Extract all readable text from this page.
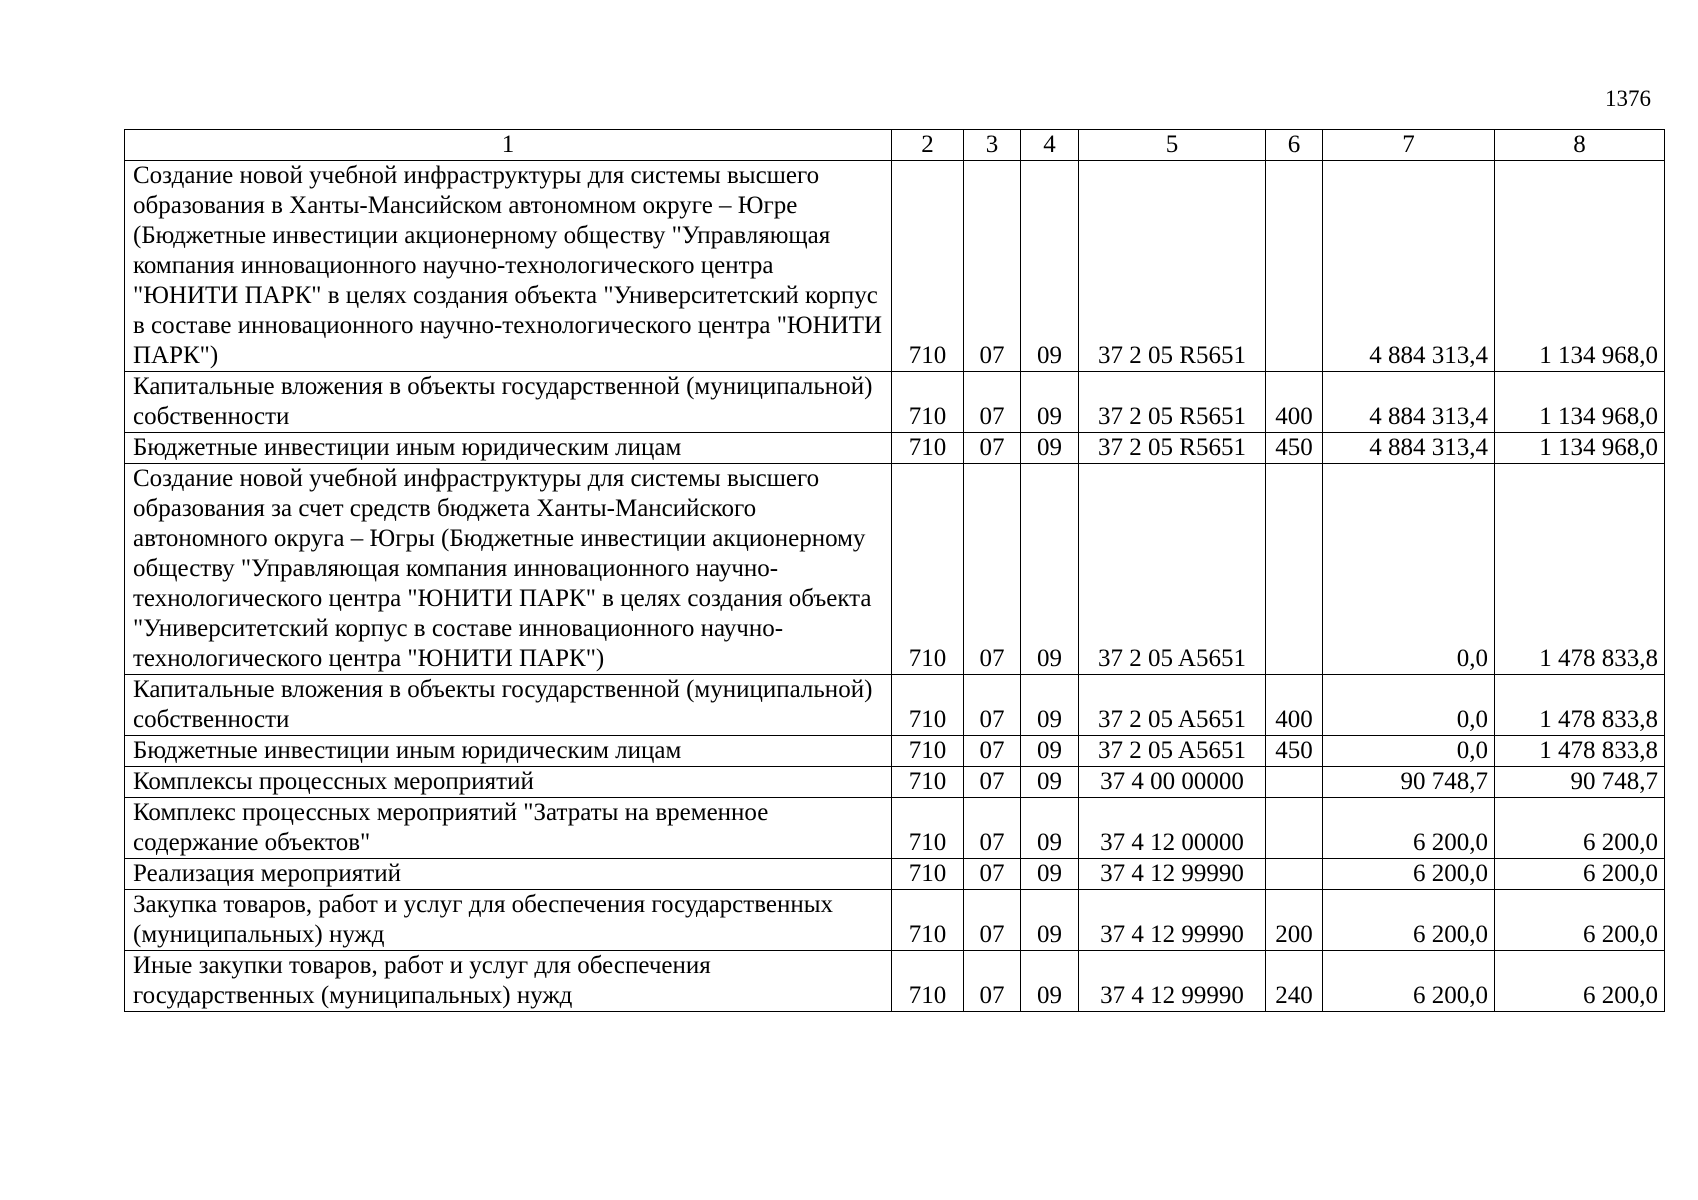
1376
1	2	3	4	5	6	7	8
Создание новой учебной инфраструктуры для системы высшего образования в Ханты-Мансийском автономном округе – Югре (Бюджетные инвестиции акционерному обществу "Управляющая компания инновационного научно-технологического центра "ЮНИТИ ПАРК" в целях создания объекта "Университетский корпус в составе инновационного научно-технологического центра "ЮНИТИ ПАРК")	710	07	09	37 2 05 R5651		4 884 313,4	1 134 968,0
Капитальные вложения в объекты государственной (муниципальной) собственности	710	07	09	37 2 05 R5651	400	4 884 313,4	1 134 968,0
Бюджетные инвестиции иным юридическим лицам	710	07	09	37 2 05 R5651	450	4 884 313,4	1 134 968,0
Создание новой учебной инфраструктуры для системы высшего образования за счет средств бюджета Ханты-Мансийского автономного округа – Югры (Бюджетные инвестиции акционерному обществу "Управляющая компания инновационного научно-технологического центра "ЮНИТИ ПАРК" в целях создания объекта "Университетский корпус в составе инновационного научно-технологического центра "ЮНИТИ ПАРК")	710	07	09	37 2 05 A5651		0,0	1 478 833,8
Капитальные вложения в объекты государственной (муниципальной) собственности	710	07	09	37 2 05 A5651	400	0,0	1 478 833,8
Бюджетные инвестиции иным юридическим лицам	710	07	09	37 2 05 A5651	450	0,0	1 478 833,8
Комплексы процессных мероприятий	710	07	09	37 4 00 00000		90 748,7	90 748,7
Комплекс процессных мероприятий "Затраты на временное содержание объектов"	710	07	09	37 4 12 00000		6 200,0	6 200,0
Реализация мероприятий	710	07	09	37 4 12 99990		6 200,0	6 200,0
Закупка товаров, работ и услуг для обеспечения государственных (муниципальных) нужд	710	07	09	37 4 12 99990	200	6 200,0	6 200,0
Иные закупки товаров, работ и услуг для обеспечения государственных (муниципальных) нужд	710	07	09	37 4 12 99990	240	6 200,0	6 200,0
